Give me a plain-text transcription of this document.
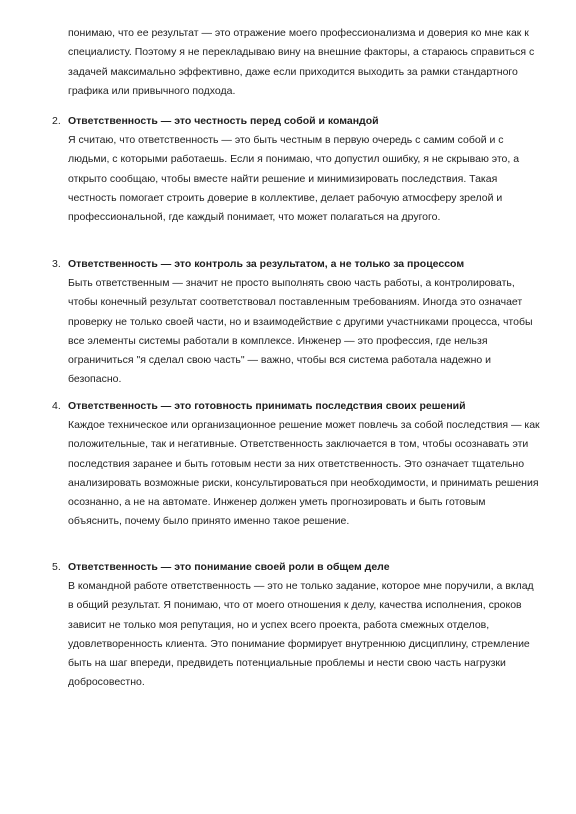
понимаю, что ее результат — это отражение моего профессионализма и доверия ко мне как к специалисту. Поэтому я не перекладываю вину на внешние факторы, а стараюсь справиться с задачей максимально эффективно, даже если приходится выходить за рамки стандартного графика или привычного подхода.

2. Ответственность — это честность перед собой и командой

Я считаю, что ответственность — это быть честным в первую очередь с самим собой и с людьми, с которыми работаешь. Если я понимаю, что допустил ошибку, я не скрываю это, а открыто сообщаю, чтобы вместе найти решение и минимизировать последствия. Такая честность помогает строить доверие в коллективе, делает рабочую атмосферу зрелой и профессиональной, где каждый понимает, что может полагаться на другого.

3. Ответственность — это контроль за результатом, а не только за процессом

Быть ответственным — значит не просто выполнять свою часть работы, а контролировать, чтобы конечный результат соответствовал поставленным требованиям. Иногда это означает проверку не только своей части, но и взаимодействие с другими участниками процесса, чтобы все элементы системы работали в комплексе. Инженер — это профессия, где нельзя ограничиться "я сделал свою часть" — важно, чтобы вся система работала надежно и безопасно.

4. Ответственность — это готовность принимать последствия своих решений

Каждое техническое или организационное решение может повлечь за собой последствия — как положительные, так и негативные. Ответственность заключается в том, чтобы осознавать эти последствия заранее и быть готовым нести за них ответственность. Это означает тщательно анализировать возможные риски, консультироваться при необходимости, и принимать решения осознанно, а не на автомате. Инженер должен уметь прогнозировать и быть готовым объяснить, почему было принято именно такое решение.

5. Ответственность — это понимание своей роли в общем деле

В командной работе ответственность — это не только задание, которое мне поручили, а вклад в общий результат. Я понимаю, что от моего отношения к делу, качества исполнения, сроков зависит не только моя репутация, но и успех всего проекта, работа смежных отделов, удовлетворенность клиента. Это понимание формирует внутреннюю дисциплину, стремление быть на шаг впереди, предвидеть потенциальные проблемы и нести свою часть нагрузки добросовестно.
